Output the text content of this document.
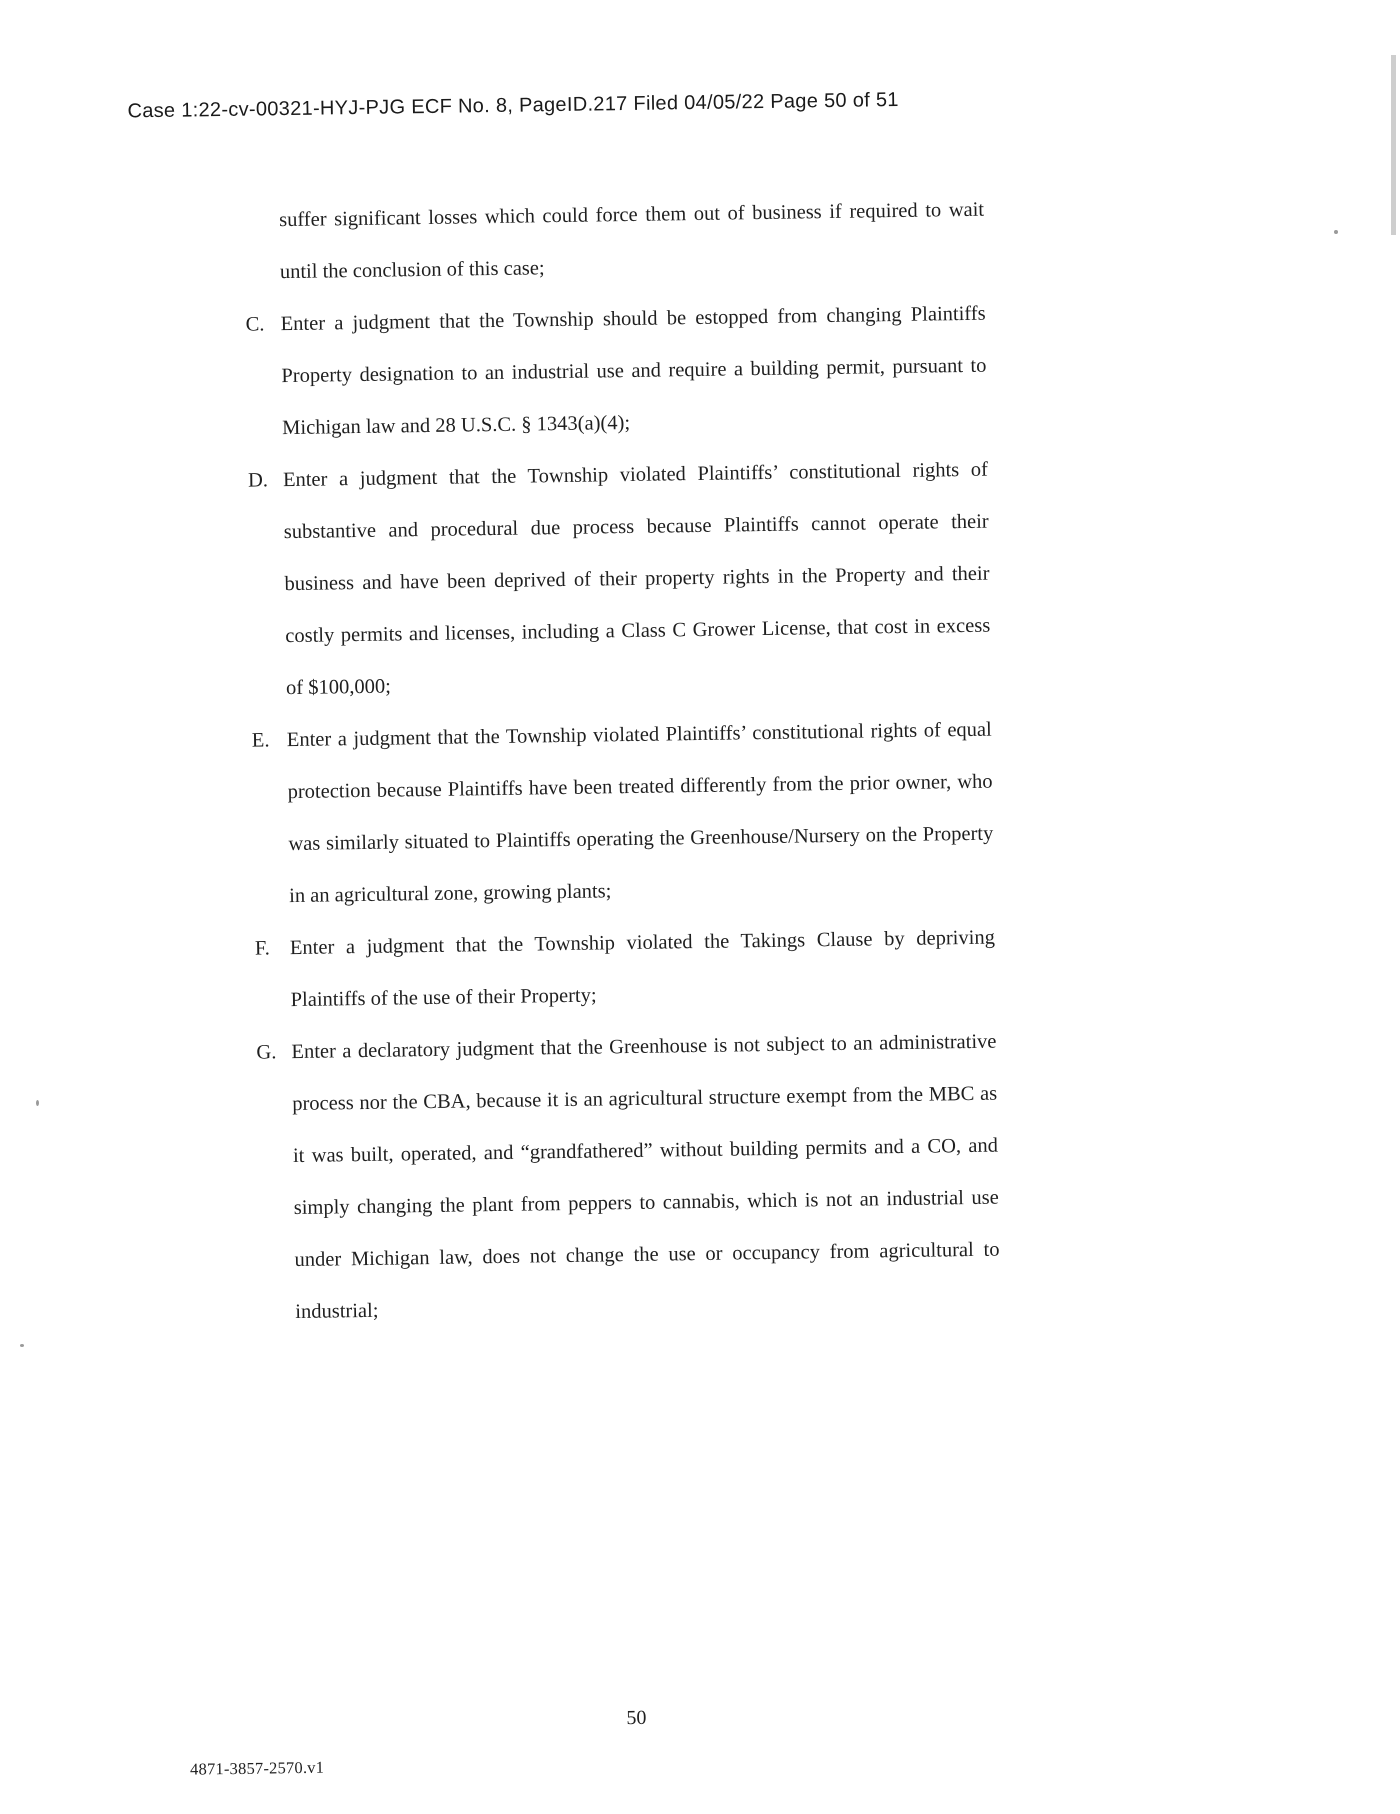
Case 1:22-cv-00321-HYJ-PJG ECF No. 8, PageID.217 Filed 04/05/22 Page 50 of 51

suffer significant losses which could force them out of business if required to wait until the conclusion of this case;

C. Enter a judgment that the Township should be estopped from changing Plaintiffs Property designation to an industrial use and require a building permit, pursuant to Michigan law and 28 U.S.C. § 1343(a)(4);
D. Enter a judgment that the Township violated Plaintiffs’ constitutional rights of substantive and procedural due process because Plaintiffs cannot operate their business and have been deprived of their property rights in the Property and their costly permits and licenses, including a Class C Grower License, that cost in excess of $100,000;
E. Enter a judgment that the Township violated Plaintiffs’ constitutional rights of equal protection because Plaintiffs have been treated differently from the prior owner, who was similarly situated to Plaintiffs operating the Greenhouse/Nursery on the Property in an agricultural zone, growing plants;
F. Enter a judgment that the Township violated the Takings Clause by depriving Plaintiffs of the use of their Property;
G. Enter a declaratory judgment that the Greenhouse is not subject to an administrative process nor the CBA, because it is an agricultural structure exempt from the MBC as it was built, operated, and “grandfathered” without building permits and a CO, and simply changing the plant from peppers to cannabis, which is not an industrial use under Michigan law, does not change the use or occupancy from agricultural to industrial;
50
4871-3857-2570.v1
